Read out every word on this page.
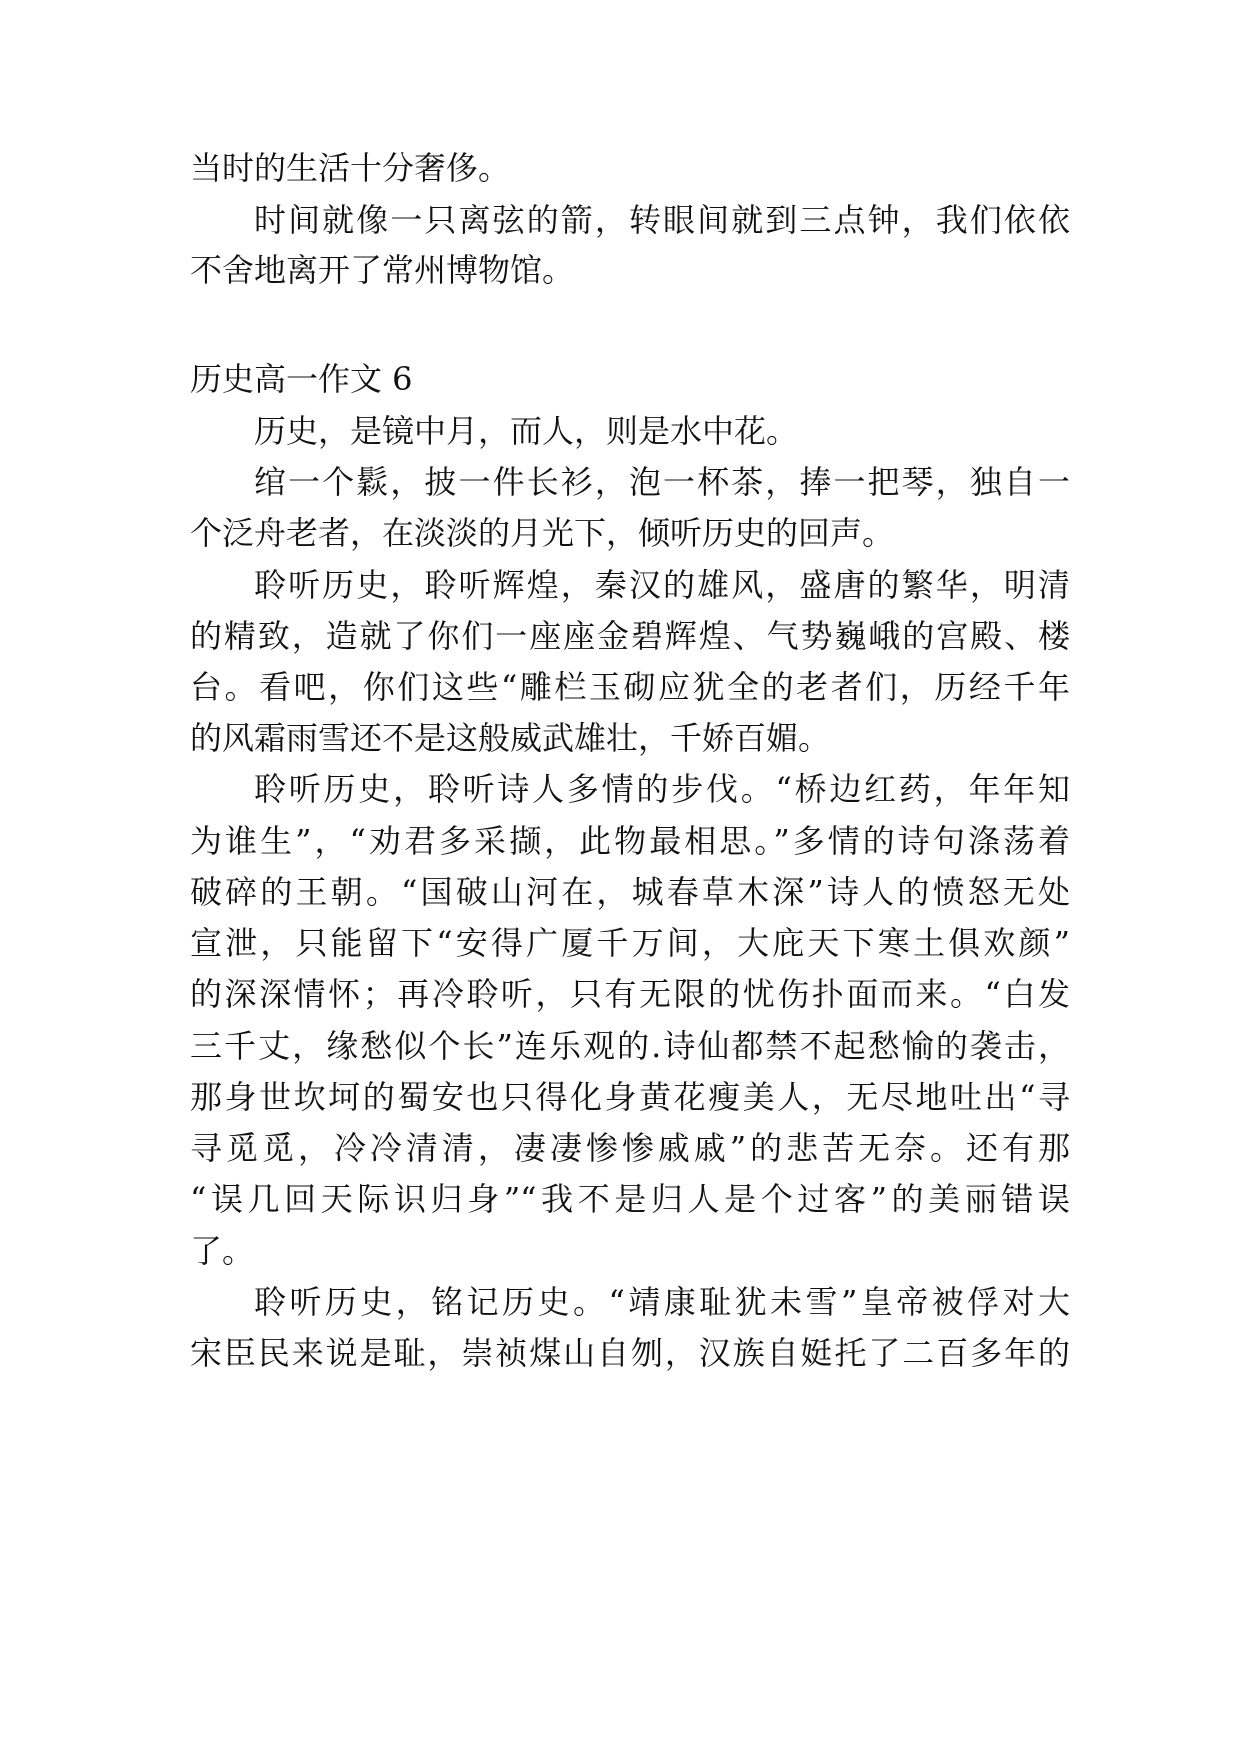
当时的生活十分奢侈。
时间就像一只离弦的箭，转眼间就到三点钟，我们依依
不舍地离开了常州博物馆。
历史高一作文 6
历史，是镜中月，而人，则是水中花。
绾一个鬏，披一件长衫，泡一杯茶，捧一把琴，独自一
个泛舟老者，在淡淡的月光下，倾听历史的回声。
聆听历史，聆听辉煌，秦汉的雄风，盛唐的繁华，明清
的精致，造就了你们一座座金碧辉煌、气势巍峨的宫殿、楼
台。看吧，你们这些“雕栏玉砌应犹全的老者们，历经千年
的风霜雨雪还不是这般威武雄壮，千娇百媚。
聆听历史，聆听诗人多情的步伐。“桥边红药，年年知
为谁生”，“劝君多采撷，此物最相思。”多情的诗句涤荡着
破碎的王朝。“国破山河在，城春草木深”诗人的愤怒无处
宣泄，只能留下“安得广厦千万间，大庇天下寒土俱欢颜”
的深深情怀；再冷聆听，只有无限的忧伤扑面而来。“白发
三千丈，缘愁似个长”连乐观的.诗仙都禁不起愁愉的袭击，
那身世坎坷的蜀安也只得化身黄花瘦美人，无尽地吐出“寻
寻觅觅，冷冷清清，凄凄惨惨戚戚”的悲苦无奈。还有那
“误几回天际识归身”“我不是归人是个过客”的美丽错误
了。
聆听历史，铭记历史。“靖康耻犹未雪”皇帝被俘对大
宋臣民来说是耻，崇祯煤山自刎，汉族自娗托了二百多年的
